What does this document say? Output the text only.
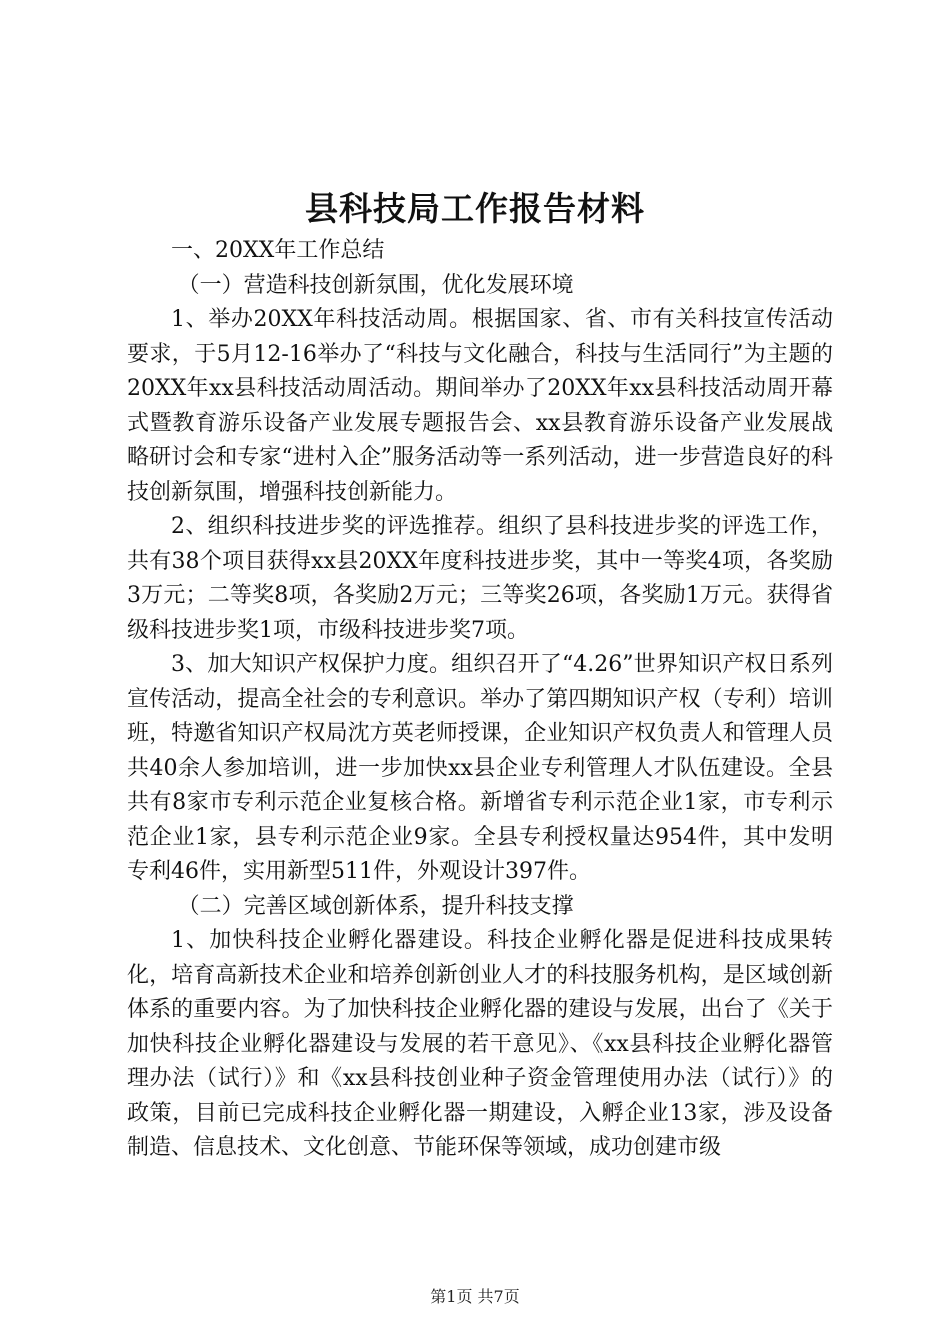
县科技局工作报告材料

一、20XX年工作总结

（一）营造科技创新氛围，优化发展环境

1、举办20XX年科技活动周。根据国家、省、市有关科技宣传活动要求，于5月12-16举办了“科技与文化融合，科技与生活同行”为主题的20XX年xx县科技活动周活动。期间举办了20XX年xx县科技活动周开幕式暨教育游乐设备产业发展专题报告会、xx县教育游乐设备产业发展战略研讨会和专家“进村入企”服务活动等一系列活动，进一步营造良好的科技创新氛围，增强科技创新能力。

2、组织科技进步奖的评选推荐。组织了县科技进步奖的评选工作，共有38个项目获得xx县20XX年度科技进步奖，其中一等奖4项，各奖励3万元；二等奖8项，各奖励2万元；三等奖26项，各奖励1万元。获得省级科技进步奖1项，市级科技进步奖7项。

3、加大知识产权保护力度。组织召开了“4.26”世界知识产权日系列宣传活动，提高全社会的专利意识。举办了第四期知识产权（专利）培训班，特邀省知识产权局沈方英老师授课，企业知识产权负责人和管理人员共40余人参加培训，进一步加快xx县企业专利管理人才队伍建设。全县共有8家市专利示范企业复核合格。新增省专利示范企业1家，市专利示范企业1家，县专利示范企业9家。全县专利授权量达954件，其中发明专利46件，实用新型511件，外观设计397件。

（二）完善区域创新体系，提升科技支撑

1、加快科技企业孵化器建设。科技企业孵化器是促进科技成果转化，培育高新技术企业和培养创新创业人才的科技服务机构，是区域创新体系的重要内容。为了加快科技企业孵化器的建设与发展，出台了《关于加快科技企业孵化器建设与发展的若干意见》、《xx县科技企业孵化器管理办法（试行）》和《xx县科技创业种子资金管理使用办法（试行）》的政策，目前已完成科技企业孵化器一期建设，入孵企业13家，涉及设备制造、信息技术、文化创意、节能环保等领域，成功创建市级

第1页 共7页
